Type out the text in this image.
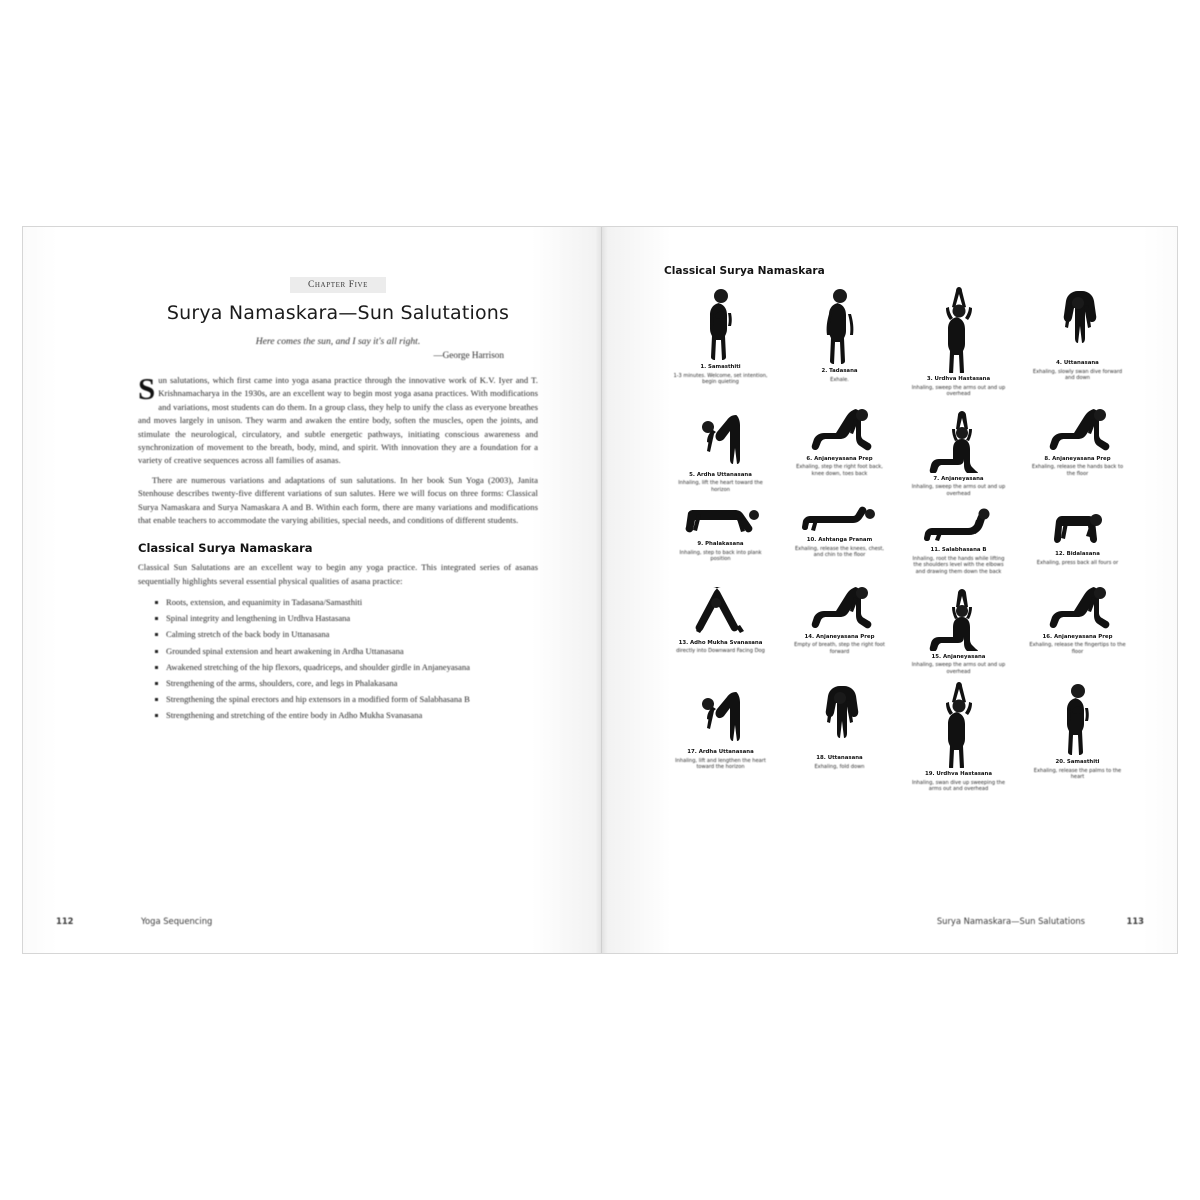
Chapter Five
Surya Namaskara—Sun Salutations
Here comes the sun, and I say it's all right.
—George Harrison

Sun salutations, which first came into yoga asana practice through the innovative work of K.V. Iyer and T. Krishnamacharya in the 1930s, are an excellent way to begin most yoga asana practices. With modifications and variations, most students can do them. In a group class, they help to unify the class as everyone breathes and moves largely in unison. They warm and awaken the entire body, soften the muscles, open the joints, and stimulate the neurological, circulatory, and subtle energetic pathways, initiating conscious awareness and synchronization of movement to the breath, body, mind, and spirit. With innovation they are a foundation for a variety of creative sequences across all families of asanas.

There are numerous variations and adaptations of sun salutations. In her book Sun Yoga (2003), Janita Stenhouse describes twenty-five different variations of sun salutes. Here we will focus on three forms: Classical Surya Namaskara and Surya Namaskara A and B. Within each form, there are many variations and modifications that enable teachers to accommodate the varying abilities, special needs, and conditions of different students.

Classical Surya Namaskara

Classical Sun Salutations are an excellent way to begin any yoga practice. This integrated series of asanas sequentially highlights several essential physical qualities of asana practice:

Roots, extension, and equanimity in Tadasana/Samasthiti
Spinal integrity and lengthening in Urdhva Hastasana
Calming stretch of the back body in Uttanasana
Grounded spinal extension and heart awakening in Ardha Uttanasana
Awakened stretching of the hip flexors, quadriceps, and shoulder girdle in Anjaneyasana
Strengthening of the arms, shoulders, core, and legs in Phalakasana
Strengthening the spinal erectors and hip extensors in a modified form of Salabhasana B
Strengthening and stretching of the entire body in Adho Mukha Svanasana
112	Yoga Sequencing
Classical Surya Namaskara
1. Samasthiti
1-3 minutes. Welcome, set intention, begin quieting
2. Tadasana
Exhale.	3. Urdhva Hastasana
Inhaling, sweep the arms out and up overhead
4. Uttanasana
Exhaling, slowly swan dive forward and down
5. Ardha Uttanasana
Inhaling, lift the heart toward the horizon
6. Anjaneyasana Prep
Exhaling, step the right foot back, knee down, toes back
7. Anjaneyasana
Inhaling, sweep the arms out and up overhead
8. Anjaneyasana Prep
Exhaling, release the hands back to the floor
9. Phalakasana
Inhaling, step to back into plank position
10. Ashtanga Pranam
Exhaling, release the knees, chest, and chin to the floor
11. Salabhasana B
Inhaling, root the hands while lifting the shoulders level with the elbows and drawing them down the back
12. Bidalasana
Exhaling, press back all fours or
13. Adho Mukha Svanasana
directly into Downward Facing Dog
14. Anjaneyasana Prep
Empty of breath, step the right foot forward
15. Anjaneyasana
Inhaling, sweep the arms out and up overhead
16. Anjaneyasana Prep
Exhaling, release the fingertips to the floor
17. Ardha Uttanasana
Inhaling, lift and lengthen the heart toward the horizon
18. Uttanasana
Exhaling, fold down
19. Urdhva Hastasana
Inhaling, swan dive up sweeping the arms out and overhead
20. Samasthiti
Exhaling, release the palms to the heart
Surya Namaskara—Sun Salutations	113
